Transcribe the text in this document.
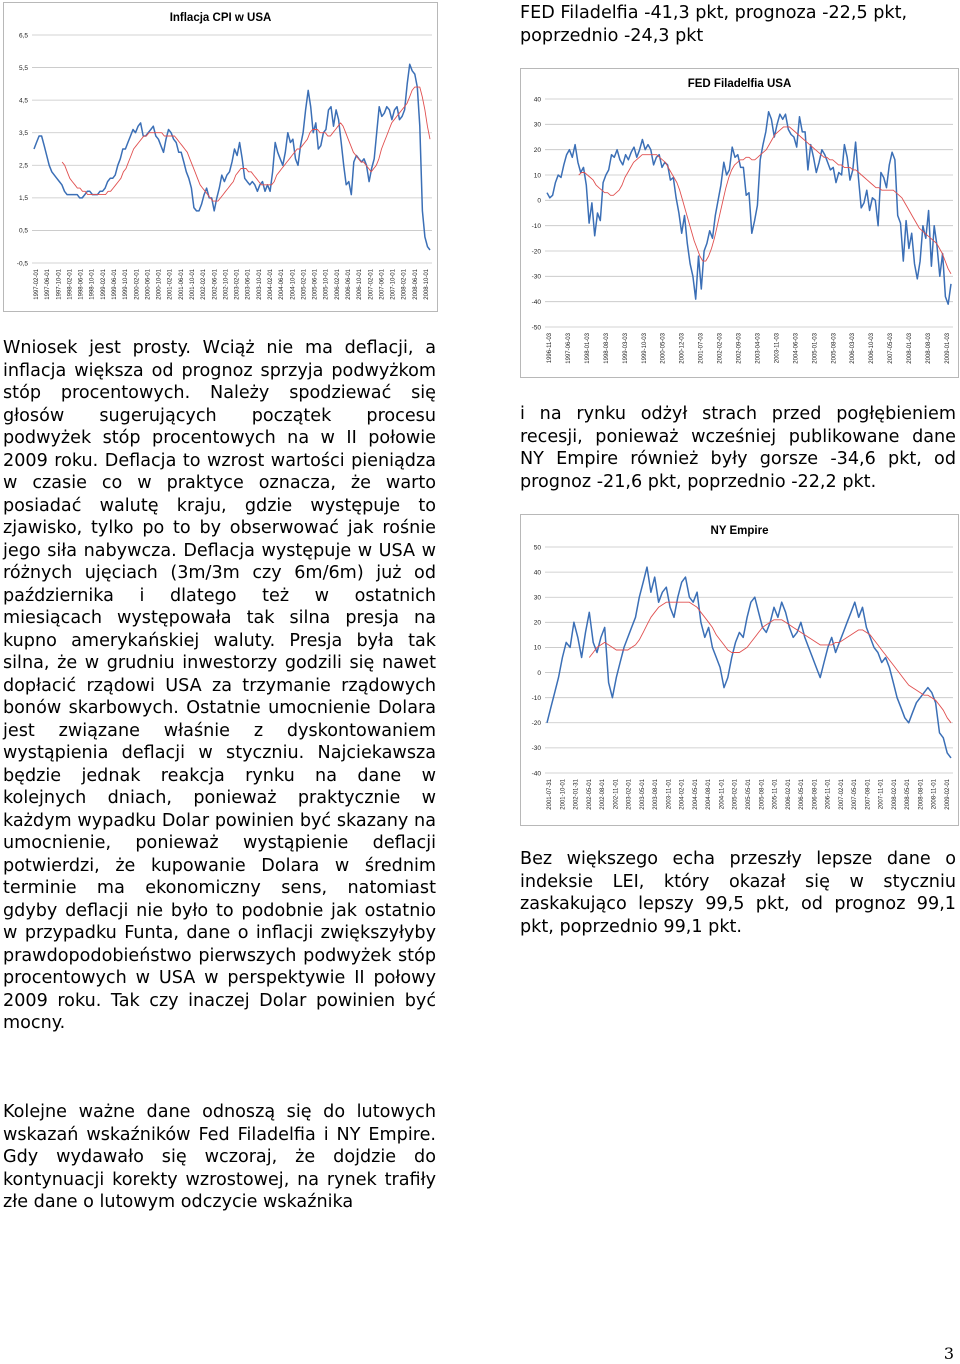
Inflacja CPI w USA
6,5
5,5
4,5
3,5
2,5
1,5
0,5
-0,5
1997-02-01 1997-06-01 1997-10-01 1998-02-01 1998-06-01 1998-10-01 1999-02-01 1999-06-01 1999-10-01 2000-02-01 2000-06-01 2000-10-01 2001-02-01 2001-06-01 2001-10-01 2002-02-01 2002-06-01 2002-10-01 2003-02-01 2003-06-01 2003-10-01 2004-02-01 2004-06-01 2004-10-01 2005-02-01 2005-06-01 2005-10-01 2006-02-01 2006-06-01 2006-10-01 2007-02-01 2007-06-01 2007-10-01 2008-02-01 2008-06-01 2008-10-01

FED Filadelfia -41,3 pkt, prognoza -22,5 pkt, poprzednio -24,3 pkt

FED Filadelfia USA
40
30
20
10
0
-10
-20
-30
-40
-50
1996-11-03 1997-06-03 1998-01-03 1998-08-03 1999-03-03 1999-10-03 2000-05-03 2000-12-03 2001-07-03 2002-02-03 2002-09-03 2003-04-03 2003-11-03 2004-06-03 2005-01-03 2005-08-03 2006-03-03 2006-10-03 2007-05-03 2008-01-03 2008-08-03 2009-01-03

Wniosek jest prosty. Wciąż nie ma deflacji, a inflacja większa od prognoz sprzyja podwyżkom stóp procentowych. Należy spodziewać się głosów sugerujących początek procesu podwyżek stóp procentowych na w II połowie 2009 roku. Deflacja to wzrost wartości pieniądza w czasie co w praktyce oznacza, że warto posiadać walutę kraju, gdzie występuje to zjawisko, tylko po to by obserwować jak rośnie jego siła nabywcza. Deflacja występuje w USA w różnych ujęciach (3m/3m czy 6m/6m) już od października i dlatego też w ostatnich miesiącach występowała tak silna presja na kupno amerykańskiej waluty. Presja była tak silna, że w grudniu inwestorzy godzili się nawet dopłacić rządowi USA za trzymanie rządowych bonów skarbowych. Ostatnie umocnienie Dolara jest związane właśnie z dyskontowaniem wystąpienia deflacji w styczniu. Najciekawsza będzie jednak reakcja rynku na dane w kolejnych dniach, ponieważ praktycznie w każdym wypadku Dolar powinien być skazany na umocnienie, ponieważ wystąpienie deflacji potwierdzi, że kupowanie Dolara w średnim terminie ma ekonomiczny sens, natomiast gdyby deflacji nie było to podobnie jak ostatnio w przypadku Funta, dane o inflacji zwiększyłyby prawdopodobieństwo pierwszych podwyżek stóp procentowych w USA w perspektywie II połowy 2009 roku. Tak czy inaczej Dolar powinien być mocny.

i na rynku odżył strach przed pogłębieniem recesji, ponieważ wcześniej publikowane dane NY Empire również były gorsze -34,6 pkt, od prognoz -21,6 pkt, poprzednio -22,2 pkt.

NY Empire
50
40
30
20
10
0
-10
-20
-30
-40
2001-07-31 2001-10-01 2002-01-31 2002-05-01 2002-08-01 2002-11-01 2003-02-01 2003-05-01 2003-08-01 2003-11-01 2004-02-01 2004-05-01 2004-08-01 2004-11-01 2005-02-01 2005-05-01 2005-08-01 2005-11-01 2006-02-01 2006-05-01 2006-08-01 2006-11-01 2007-02-01 2007-05-01 2007-08-01 2007-11-01 2008-02-01 2008-05-01 2008-08-01 2008-11-01 2009-02-01

Bez większego echa przeszły lepsze dane o indeksie LEI, który okazał się w styczniu zaskakująco lepszy 99,5 pkt, od prognoz 99,1 pkt, poprzednio 99,1 pkt.

Kolejne ważne dane odnoszą się do lutowych wskazań wskaźników Fed Filadelfia i NY Empire. Gdy wydawało się wczoraj, że dojdzie do kontynuacji korekty wzrostowej, na rynek trafiły złe dane o lutowym odczycie wskaźnika

3
